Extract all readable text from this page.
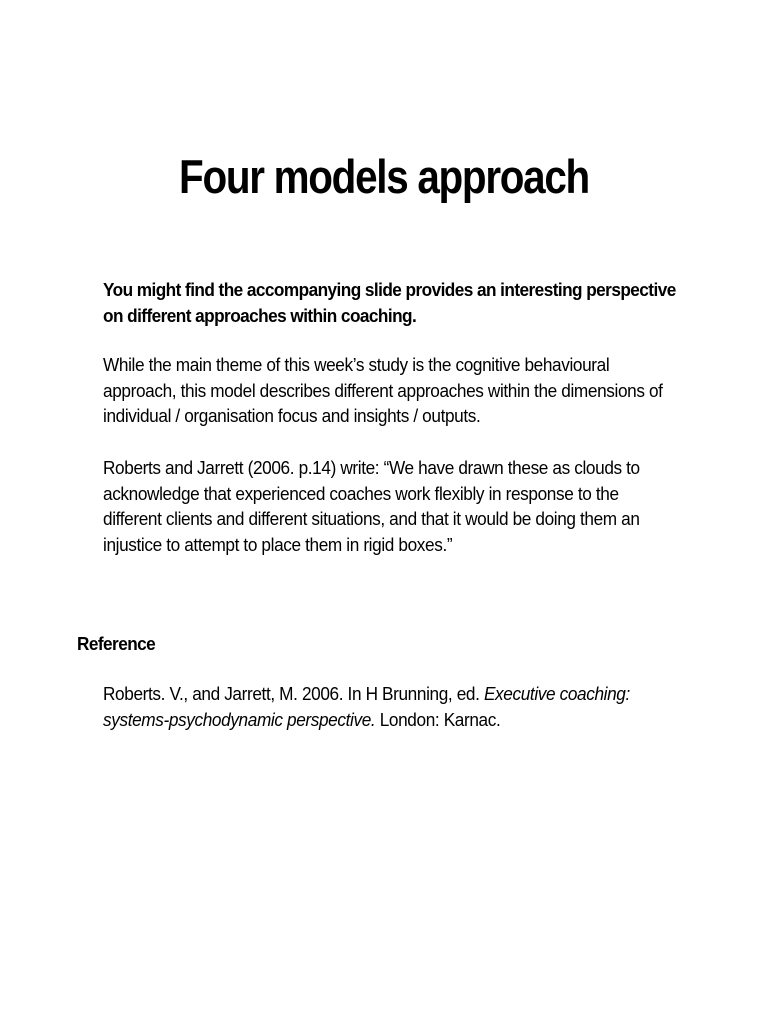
Four models approach

You might find the accompanying slide provides an interesting perspective on different approaches within coaching.

While the main theme of this week’s study is the cognitive behavioural approach, this model describes different approaches within the dimensions of individual / organisation focus and insights / outputs.

Roberts and Jarrett (2006. p.14) write: “We have drawn these as clouds to acknowledge that experienced coaches work flexibly in response to the different clients and different situations, and that it would be doing them an injustice to attempt to place them in rigid boxes.”

Reference

Roberts. V., and Jarrett, M. 2006. In H Brunning, ed. Executive coaching: systems-psychodynamic perspective. London: Karnac.
